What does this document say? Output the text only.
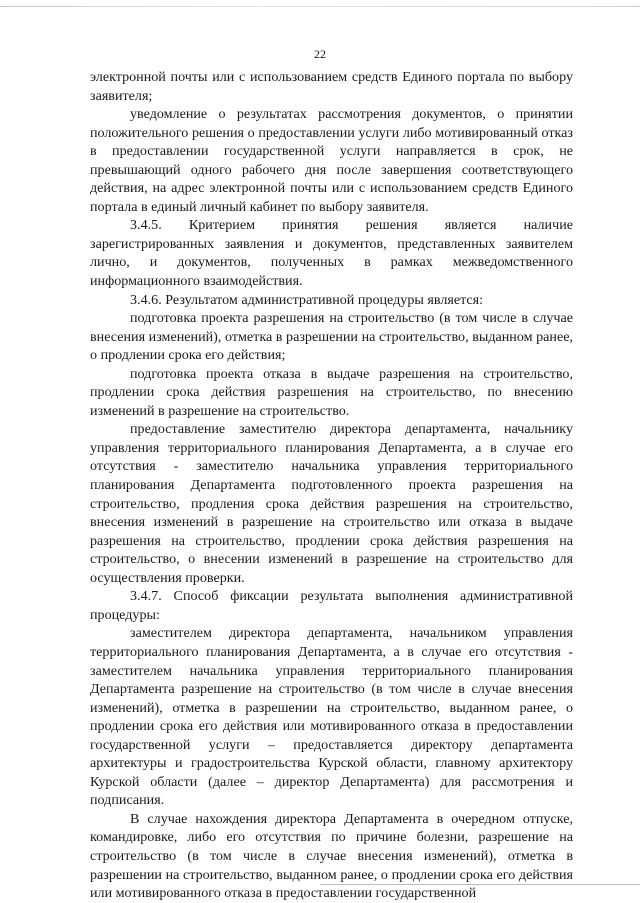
22

электронной почты или с использованием средств Единого портала по выбору заявителя;

уведомление о результатах рассмотрения документов, о принятии положительного решения о предоставлении услуги либо мотивированный отказ в предоставлении государственной услуги направляется в срок, не превышающий одного рабочего дня после завершения соответствующего действия, на адрес электронной почты или с использованием средств Единого портала в единый личный кабинет по выбору заявителя.

3.4.5. Критерием принятия решения является наличие зарегистрированных заявления и документов, представленных заявителем лично, и документов, полученных в рамках межведомственного информационного взаимодействия.

3.4.6. Результатом административной процедуры является:

подготовка проекта разрешения на строительство (в том числе в случае внесения изменений), отметка в разрешении на строительство, выданном ранее, о продлении срока его действия;

подготовка проекта отказа в выдаче разрешения на строительство, продлении срока действия разрешения на строительство, по внесению изменений в разрешение на строительство.

предоставление заместителю директора департамента, начальнику управления территориального планирования Департамента, а в случае его отсутствия - заместителю начальника управления территориального планирования Департамента подготовленного проекта разрешения на строительство, продления срока действия разрешения на строительство, внесения изменений в разрешение на строительство или отказа в выдаче разрешения на строительство, продлении срока действия разрешения на строительство, о внесении изменений в разрешение на строительство для осуществления проверки.

3.4.7. Способ фиксации результата выполнения административной процедуры:

заместителем директора департамента, начальником управления территориального планирования Департамента, а в случае его отсутствия - заместителем начальника управления территориального планирования Департамента разрешение на строительство (в том числе в случае внесения изменений), отметка в разрешении на строительство, выданном ранее, о продлении срока его действия или мотивированного отказа в предоставлении государственной услуги – предоставляется директору департамента архитектуры и градостроительства Курской области, главному архитектору Курской области (далее – директор Департамента) для рассмотрения и подписания.

В случае нахождения директора Департамента в очередном отпуске, командировке, либо его отсутствия по причине болезни, разрешение на строительство (в том числе в случае внесения изменений), отметка в разрешении на строительство, выданном ранее, о продлении срока его действия или мотивированного отказа в предоставлении государственной
